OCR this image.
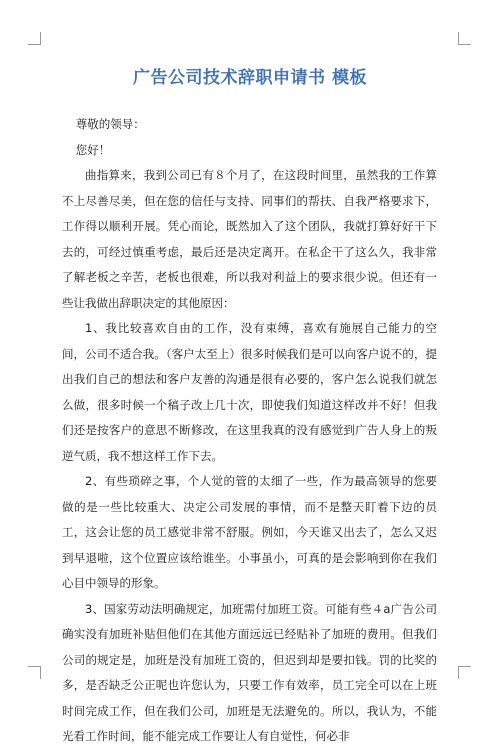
广告公司技术辞职申请书 模板

尊敬的领导：

您好！

曲指算来，我到公司已有８个月了，在这段时间里，虽然我的工作算不上尽善尽美，但在您的信任与支持、同事们的帮扶、自我严格要求下，工作得以顺利开展。凭心而论，既然加入了这个团队，我就打算好好干下去的，可经过慎重考虑，最后还是决定离开。在私企干了这么久，我非常了解老板之辛苦，老板也很难，所以我对利益上的要求很少说。但还有一些让我做出辞职决定的其他原因：

1、我比较喜欢自由的工作，没有束缚，喜欢有施展自己能力的空间，公司不适合我。（客户太至上）很多时候我们是可以向客户说不的，提出我们自己的想法和客户友善的沟通是很有必要的，客户怎么说我们就怎么做，很多时候一个稿子改上几十次，即使我们知道这样改并不好！但我们还是按客户的意思不断修改，在这里我真的没有感觉到广告人身上的叛逆气质，我不想这样工作下去。

2、有些琐碎之事，个人觉的管的太细了一些，作为最高领导的您要做的是一些比较重大、决定公司发展的事情，而不是整天盯着下边的员工，这会让您的员工感觉非常不舒服。例如，今天谁又出去了，怎么又迟到早退啦，这个位置应该给谁坐。小事虽小，可真的是会影响到你在我们心目中领导的形象。

3、国家劳动法明确规定，加班需付加班工资。可能有些４a广告公司确实没有加班补贴但他们在其他方面远远已经贴补了加班的费用。但我们公司的规定是，加班是没有加班工资的，但迟到却是要扣钱。罚的比奖的多，是否缺乏公正呢也许您认为，只要工作有效率，员工完全可以在上班时间完成工作，但在我们公司，加班是无法避免的。所以，我认为，不能光看工作时间，能不能完成工作要让人有自觉性，何必非
